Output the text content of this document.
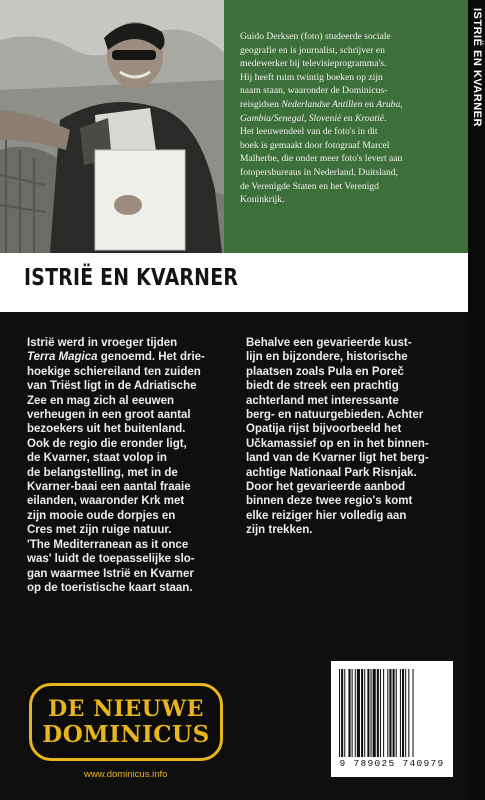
Guido Derksen (foto) studeerde sociale
geografie en is journalist, schrijver en
medewerker bij televisieprogramma's.
Hij heeft ruim twintig boeken op zijn
naam staan, waaronder de Dominicus-
reisgidsen Nederlandse Antillen en Aruba,
Gambia/Senegal, Slovenië en Kroatië.
Het leeuwendeel van de foto's in dit
boek is gemaakt door fotograaf Marcel
Malherbe, die onder meer foto's levert aan
fotopersbureaus in Nederland, Duitsland,
de Verenigde Staten en het Verenigd
Koninkrijk.
ISTRIË EN KVARNER
ISTRIË EN KVARNER
Istrië werd in vroeger tijden
Terra Magica genoemd. Het drie-
hoekige schiereiland ten zuiden
van Triëst ligt in de Adriatische
Zee en mag zich al eeuwen
verheugen in een groot aantal
bezoekers uit het buitenland.
Ook de regio die eronder ligt,
de Kvarner, staat volop in
de belangstelling, met in de
Kvarner-baai een aantal fraaie
eilanden, waaronder Krk met
zijn mooie oude dorpjes en
Cres met zijn ruige natuur.
'The Mediterranean as it once
was' luidt de toepasselijke slo-
gan waarmee Istrië en Kvarner
op de toeristische kaart staan.
Behalve een gevarieerde kust-
lijn en bijzondere, historische
plaatsen zoals Pula en Poreč
biedt de streek een prachtig
achterland met interessante
berg- en natuurgebieden. Achter
Opatija rijst bijvoorbeeld het
Učkamassief op en in het binnen-
land van de Kvarner ligt het berg-
achtige Nationaal Park Risnjak.
Door het gevarieerde aanbod
binnen deze twee regio's komt
elke reiziger hier volledig aan
zijn trekken.
DE NIEUWE
DOMINICUS
www.dominicus.info
9 789025 740979
